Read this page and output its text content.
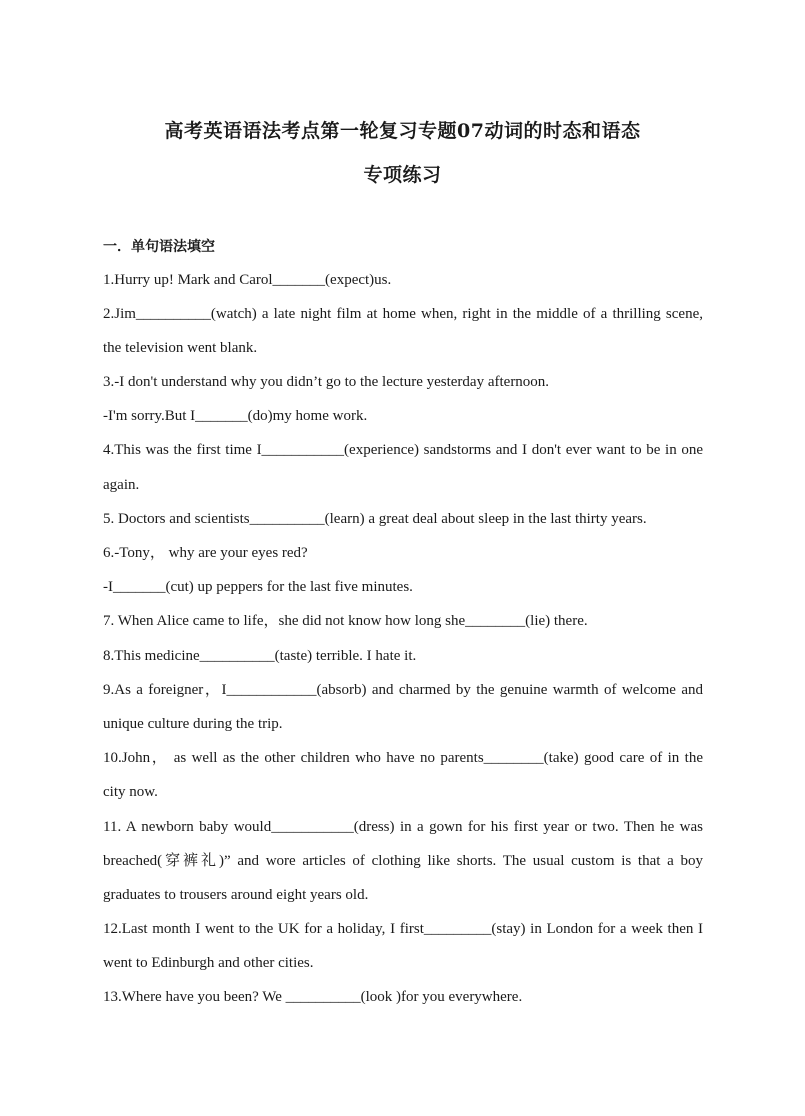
高考英语语法考点第一轮复习专题07动词的时态和语态
专项练习
一．单句语法填空
1.Hurry up! Mark and Carol_______(expect)us.
2.Jim__________(watch) a late night film at home when, right in the middle of a thrilling scene,
the television went blank.
3.-I don't understand why you didn’t go to the lecture yesterday afternoon.
-I'm sorry.But I_______(do)my home work.
4.This was the first time I___________(experience) sandstorms and I don't ever want to be in one
again.
5. Doctors and scientists__________(learn) a great deal about sleep in the last thirty years.
6.-Tony， why are your eyes red?
-I_______(cut) up peppers for the last five minutes.
7. When Alice came to life，she did not know how long she________(lie) there.
8.This medicine__________(taste) terrible. I hate it.
9.As a foreigner，I____________(absorb) and charmed by the genuine warmth of welcome and
unique culture during the trip.
10.John， as well as the other children who have no parents________(take) good care of in the
city now.
11. A newborn baby would___________(dress) in a gown for his first year or two. Then he was
breached(穿裤礼)” and wore articles of clothing like shorts. The usual custom is that a boy
graduates to trousers around eight years old.
12.Last month I went to the UK for a holiday, I first_________(stay) in London for a week then I
went to Edinburgh and other cities.
13.Where have you been? We __________(look )for you everywhere.
